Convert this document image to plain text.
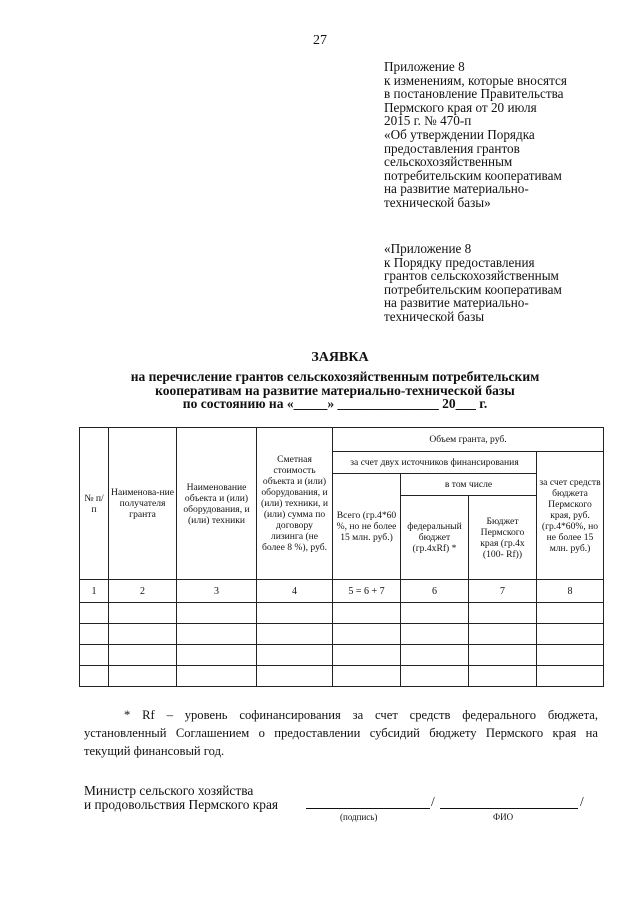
27
Приложение 8
к изменениям, которые вносятся
в постановление Правительства
Пермского края от 20 июля
2015 г. № 470-п
«Об утверждении Порядка
предоставления грантов
сельскохозяйственным
потребительским кооперативам
на развитие материально-
технической базы»
«Приложение 8
к Порядку предоставления
грантов сельскохозяйственным
потребительским кооперативам
на развитие материально-
технической базы
ЗАЯВКА
на перечисление грантов сельскохозяйственным потребительским
кооперативам на развитие материально-технической базы
по состоянию на «_____» _______________ 20___ г.
№ п/п	Наименова-ние получателя гранта	Наименование объекта и (или) оборудования, и (или) техники	Сметная стоимость объекта и (или) оборудования, и (или) техники, и (или) сумма по договору лизинга (не более 8 %), руб.	Объем гранта, руб.			
				за счет двух источников финансирования			за счет средств бюджета Пермского края, руб. (гр.4*60%, но не более 15 млн. руб.)
				Всего (гр.4*60 %, но не более 15 млн. руб.)	в том числе		
					федеральный бюджет (гр.4хRf) *	Бюджет Пермского края (гр.4х (100- Rf))	
1	2	3	4	5 = 6 + 7	6	7	8

* Rf – уровень софинансирования за счет средств федерального бюджета, установленный Соглашением о предоставлении субсидий бюджету Пермского края на текущий финансовый год.
Министр сельского хозяйства
и продовольствия Пермского края	/	/
(подпись)	ФИО
